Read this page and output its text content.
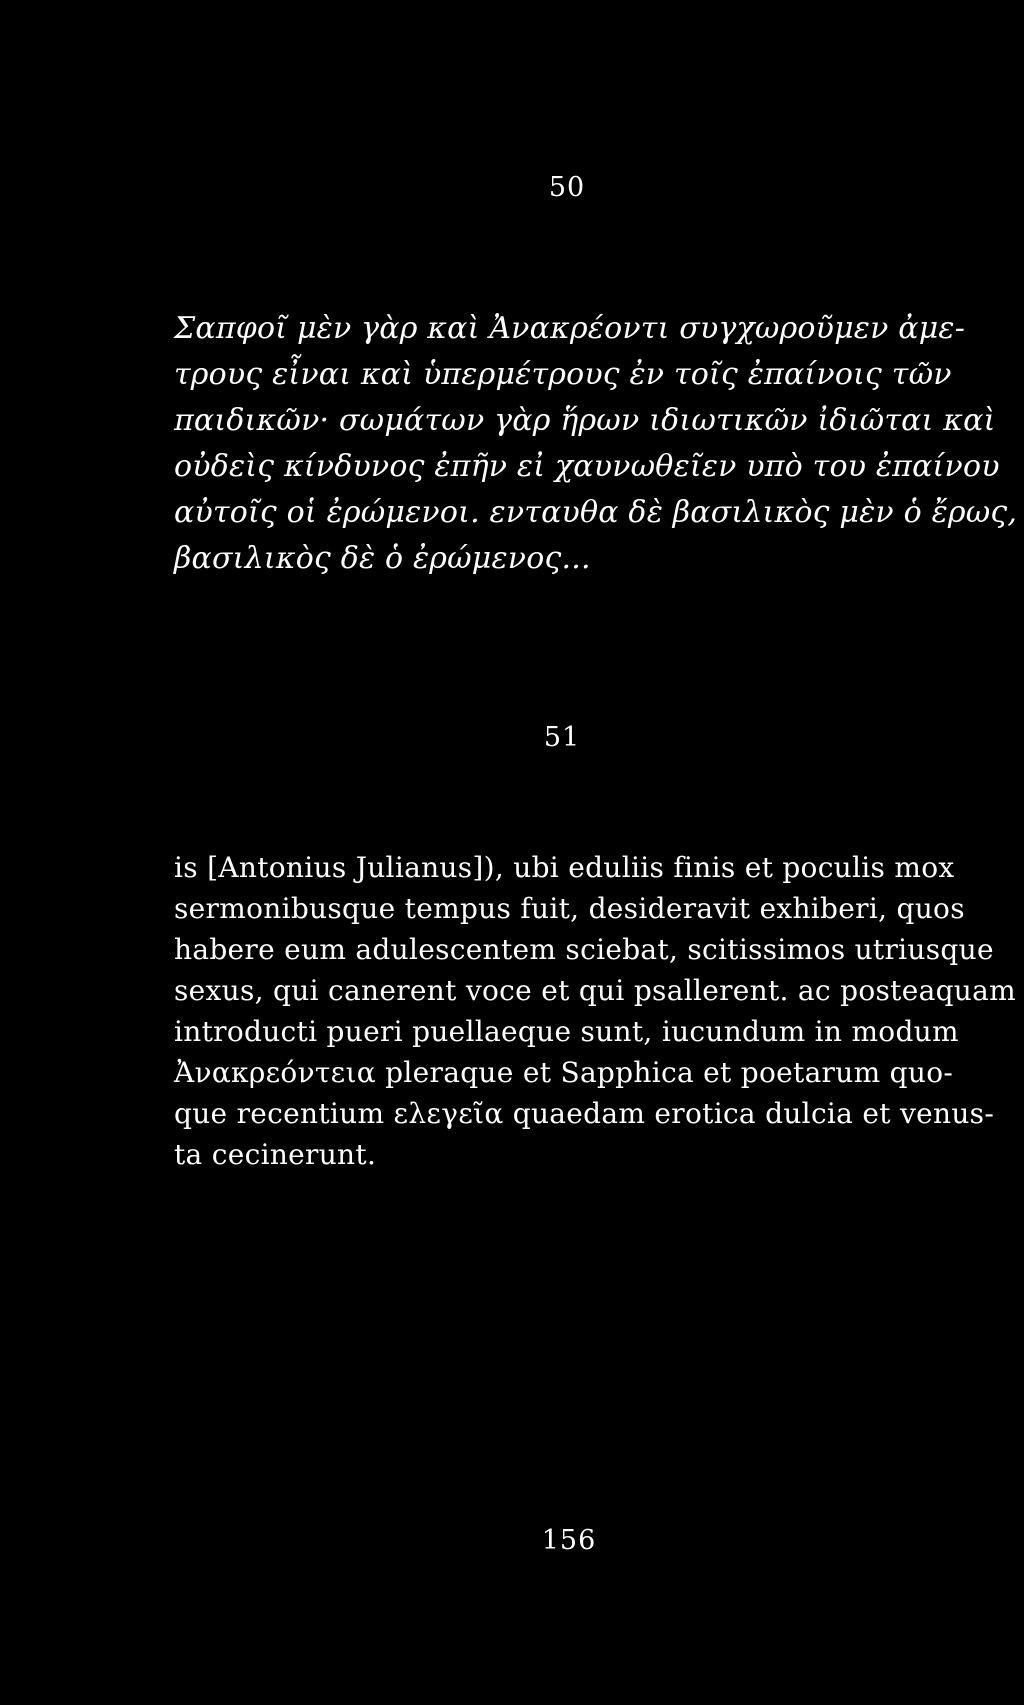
50
Σαπφοῖ μὲν γὰρ καὶ Ἀνακρέοντι συγχωροῦμεν ἀμε-
τρους εἶναι καὶ ὑπερμέτρους ἐν τοῖς ἐπαίνοις τῶν
παιδικῶν· σωμάτων γὰρ ἥρων ιδιωτικῶν ἰδιῶται καὶ
οὐδεὶς κίνδυνος ἐπῆν εἰ χαυνωθεῖεν υπὸ του ἐπαίνου
αὐτοῖς οἱ ἐρώμενοι. ενταυθα δὲ βασιλικὸς μὲν ὁ ἔρως,
βασιλικὸς δὲ ὁ ἐρώμενος...
51
is [Antonius Julianus]), ubi eduliis finis et poculis mox
sermonibusque tempus fuit, desideravit exhiberi, quos
habere eum adulescentem sciebat, scitissimos utriusque
sexus, qui canerent voce et qui psallerent. ac posteaquam
introducti pueri puellaeque sunt, iucundum in modum
Ἀνακρεόντεια pleraque et Sapphica et poetarum quo-
que recentium ελεγεῖα quaedam erotica dulcia et venus-
ta cecinerunt.
156
